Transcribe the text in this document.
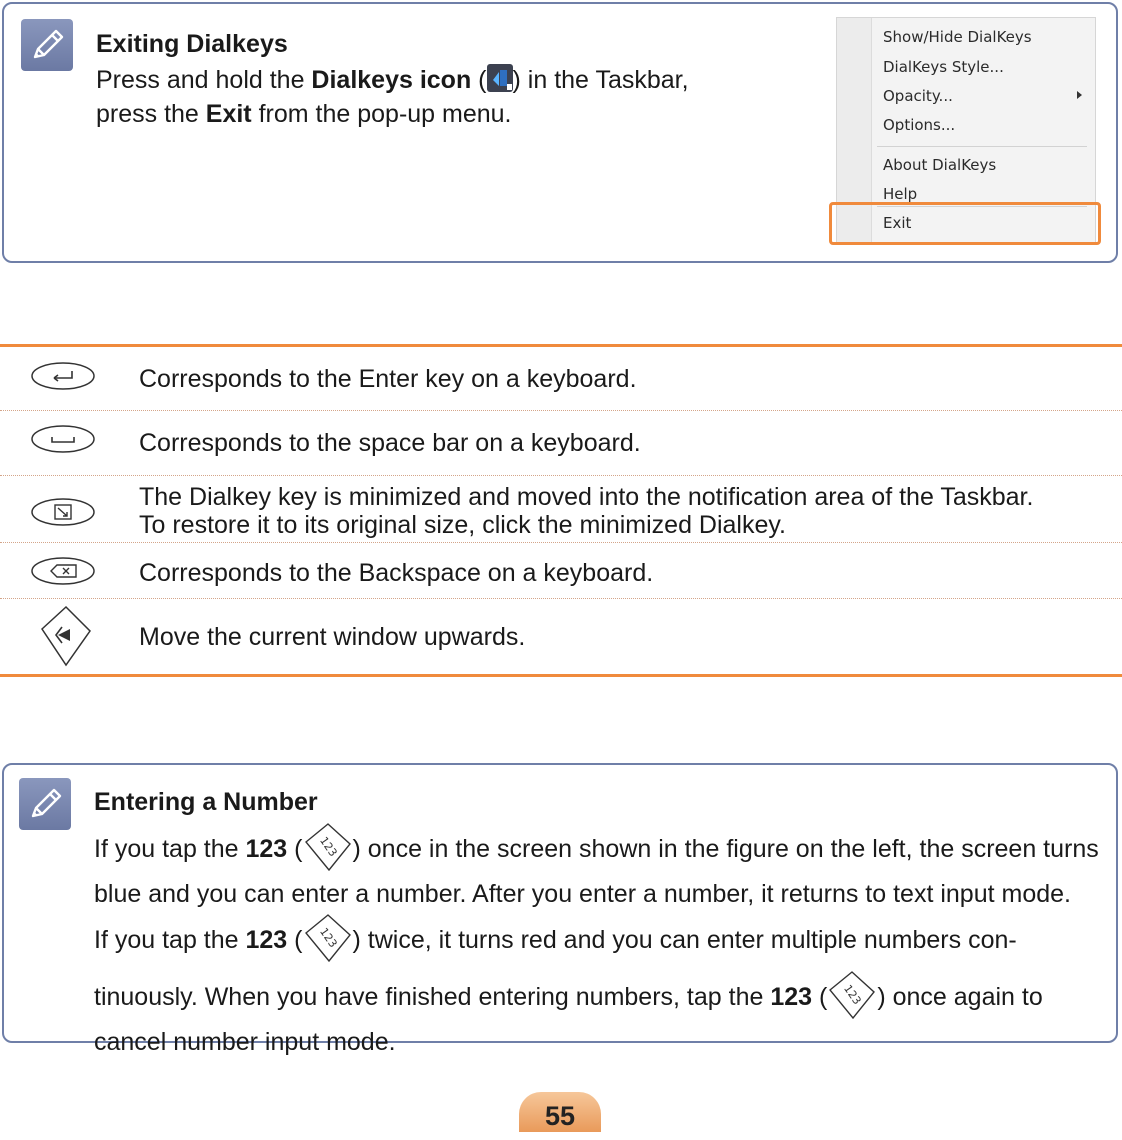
Exiting Dialkeys
Press and hold the Dialkeys icon ( ) in the Taskbar,
press the Exit from the pop-up menu.
Show/Hide DialKeys
DialKeys Style...
Opacity...
Options...
About DialKeys
Help
Exit
Corresponds to the Enter key on a keyboard.
Corresponds to the space bar on a keyboard.
The Dialkey key is minimized and moved into the notification area of the Taskbar.
To restore it to its original size, click the minimized Dialkey.
Corresponds to the Backspace on a keyboard.
Move the current window upwards.
Entering a Number
If you tap the 123 ( 123 ) once in the screen shown in the figure on the left, the screen turns blue and you can enter a number. After you enter a number, it returns to text input mode.
If you tap the 123 ( 123 ) twice, it turns red and you can enter multiple numbers con-tinuously. When you have finished entering numbers, tap the 123 ( 123 ) once again to cancel number input mode.
55
